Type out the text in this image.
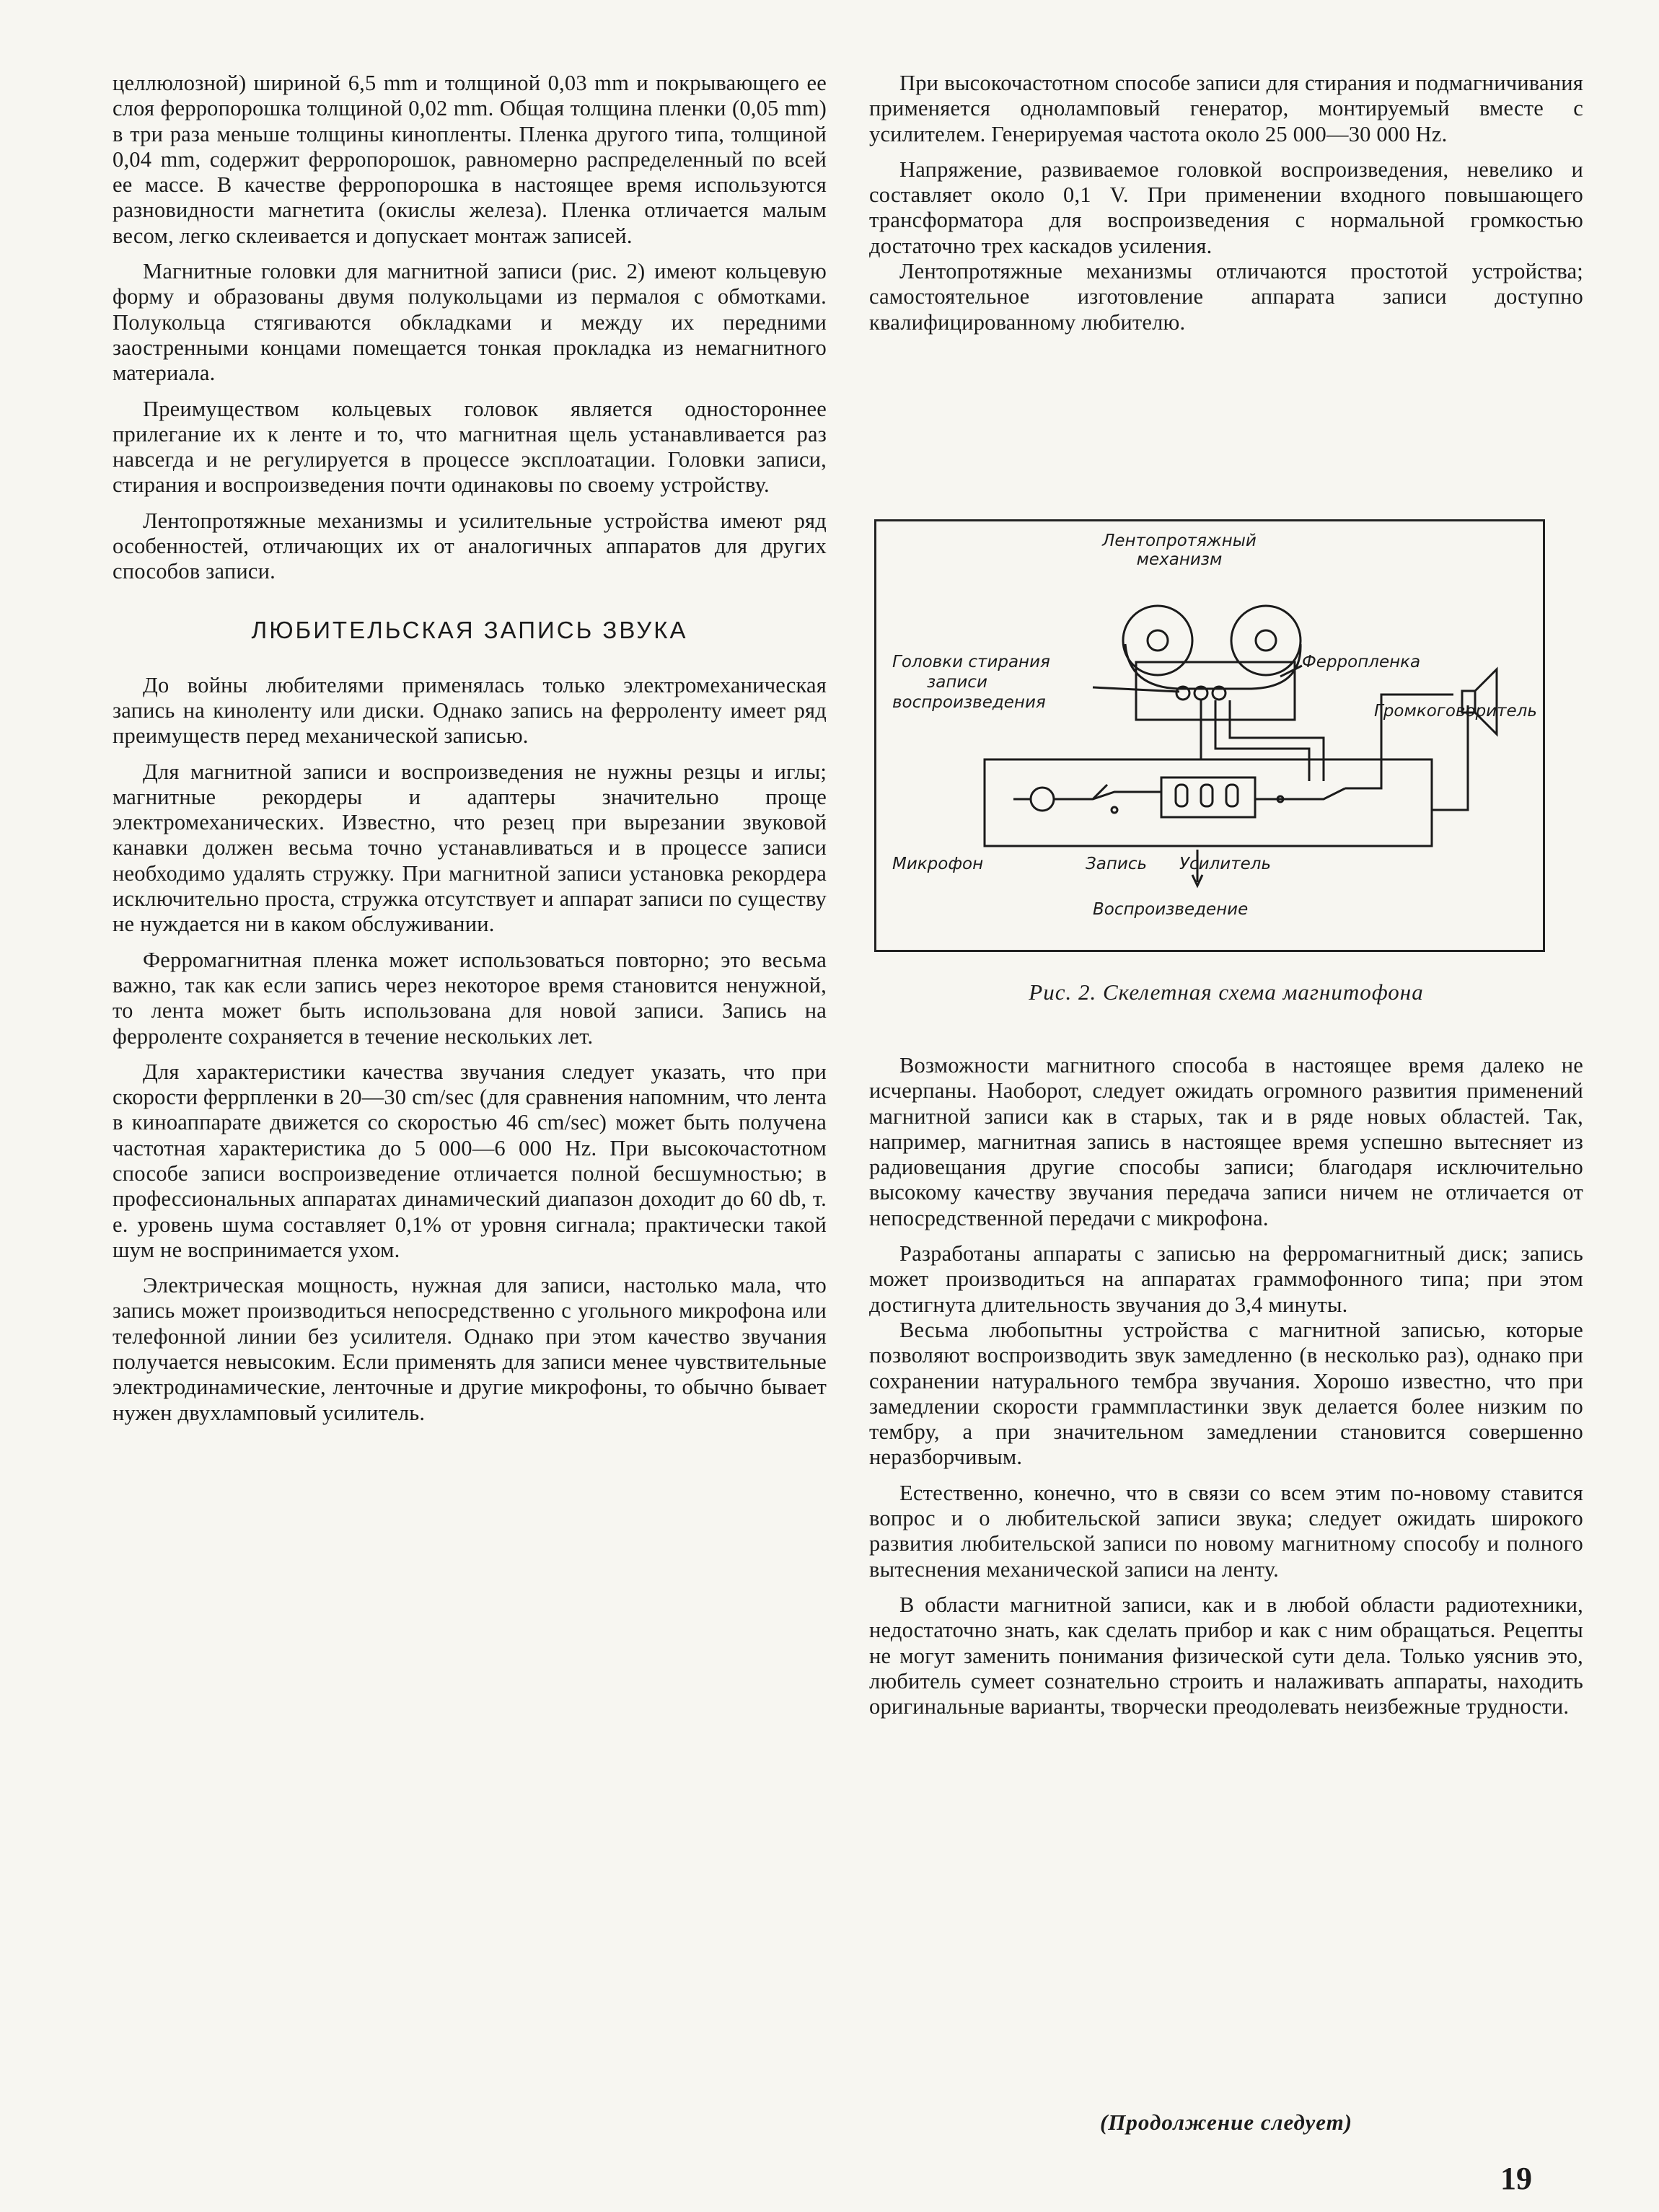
целлюлозной) шириной 6,5 mm и толщиной 0,03 mm и покрывающего ее слоя ферропорошка толщиной 0,02 mm. Общая толщина пленки (0,05 mm) в три раза меньше толщины кинопленты. Пленка другого типа, толщиной 0,04 mm, содержит ферропорошок, равномерно распределенный по всей ее массе. В качестве ферропорошка в настоящее время используются разновидности магнетита (окислы железа). Пленка отличается малым весом, легко склеивается и допускает монтаж записей.

Магнитные головки для магнитной записи (рис. 2) имеют кольцевую форму и образованы двумя полукольцами из пермалоя с обмотками. Полукольца стягиваются обкладками и между их передними заостренными концами помещается тонкая прокладка из немагнитного материала.

Преимуществом кольцевых головок является одностороннее прилегание их к ленте и то, что магнитная щель устанавливается раз навсегда и не регулируется в процессе эксплоатации. Головки записи, стирания и воспроизведения почти одинаковы по своему устройству.

Лентопротяжные механизмы и усилительные устройства имеют ряд особенностей, отличающих их от аналогичных аппаратов для других способов записи.

ЛЮБИТЕЛЬСКАЯ ЗАПИСЬ ЗВУКА

До войны любителями применялась только электромеханическая запись на киноленту или диски. Однако запись на ферроленту имеет ряд преимуществ перед механической записью.

Для магнитной записи и воспроизведения не нужны резцы и иглы; магнитные рекордеры и адаптеры значительно проще электромеханических. Известно, что резец при вырезании звуковой канавки должен весьма точно устанавливаться и в процессе записи необходимо удалять стружку. При магнитной записи установка рекордера исключительно проста, стружка отсутствует и аппарат записи по существу не нуждается ни в каком обслуживании.

Ферромагнитная пленка может использоваться повторно; это весьма важно, так как если запись через некоторое время становится ненужной, то лента может быть использована для новой записи. Запись на ферроленте сохраняется в течение нескольких лет.

Для характеристики качества звучания следует указать, что при скорости феррпленки в 20—30 cm/sec (для сравнения напомним, что лента в киноаппарате движется со скоростью 46 cm/sec) может быть получена частотная характеристика до 5 000—6 000 Hz. При высокочастотном способе записи воспроизведение отличается полной бесшумностью; в профессиональных аппаратах динамический диапазон доходит до 60 db, т. е. уровень шума составляет 0,1% от уровня сигнала; практически такой шум не воспринимается ухом.

Электрическая мощность, нужная для записи, настолько мала, что запись может производиться непосредственно с угольного микрофона или телефонной линии без усилителя. Однако при этом качество звучания получается невысоким. Если применять для записи менее чувствительные электродинамические, ленточные и другие микрофоны, то обычно бывает нужен двухламповый усилитель.

При высокочастотном способе записи для стирания и подмагничивания применяется одноламповый генератор, монтируемый вместе с усилителем. Генерируемая частота около 25 000—30 000 Hz.

Напряжение, развиваемое головкой воспроизведения, невелико и составляет около 0,1 V. При применении входного повышающего трансформатора для воспроизведения с нормальной громкостью достаточно трех каскадов усиления.

Лентопротяжные механизмы отличаются простотой устройства; самостоятельное изготовление аппарата записи доступно квалифицированному любителю.

Лентопротяжный механизм
Головки стирания
записи
воспроизведения
Ферропленка
Громкоговоритель
Микрофон	Запись Усилитель
Воспроизведение
Рис. 2. Скелетная схема магнитофона

Возможности магнитного способа в настоящее время далеко не исчерпаны. Наоборот, следует ожидать огромного развития применений магнитной записи как в старых, так и в ряде новых областей. Так, например, магнитная запись в настоящее время успешно вытесняет из радиовещания другие способы записи; благодаря исключительно высокому качеству звучания передача записи ничем не отличается от непосредственной передачи с микрофона.

Разработаны аппараты с записью на ферромагнитный диск; запись может производиться на аппаратах граммофонного типа; при этом достигнута длительность звучания до 3,4 минуты.

Весьма любопытны устройства с магнитной записью, которые позволяют воспроизводить звук замедленно (в несколько раз), однако при сохранении натурального тембра звучания. Хорошо известно, что при замедлении скорости граммпластинки звук делается более низким по тембру, а при значительном замедлении становится совершенно неразборчивым.

Естественно, конечно, что в связи со всем этим по-новому ставится вопрос и о любительской записи звука; следует ожидать широкого развития любительской записи по новому магнитному способу и полного вытеснения механической записи на ленту.

В области магнитной записи, как и в любой области радиотехники, недостаточно знать, как сделать прибор и как с ним обращаться. Рецепты не могут заменить понимания физической сути дела. Только уяснив это, любитель сумеет сознательно строить и налаживать аппараты, находить оригинальные варианты, творчески преодолевать неизбежные трудности.

(Продолжение следует)
19
